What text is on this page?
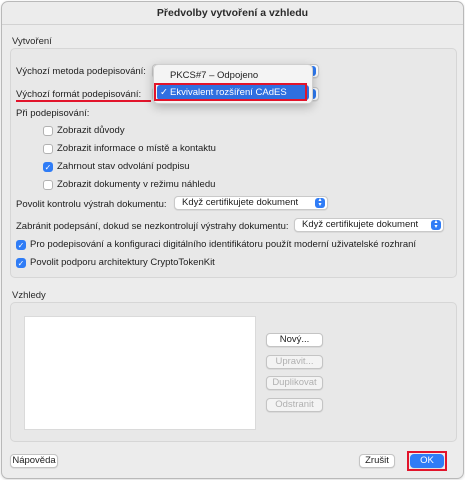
Předvolby vytvoření a vzhledu
Vytvoření
Výchozí metoda podepisování:

Výchozí formát podepisování:

Při podepisování:
Zobrazit důvody
Zobrazit informace o místě a kontaktu
✓ Zahrnout stav odvolání podpisu
Zobrazit dokumenty v režimu náhledu
Povolit kontrolu výstrah dokumentu:	Když certifikujete dokument	▴
▾
Zabránit podepsání, dokud se nezkontrolují výstrahy dokumentu:	Když certifikujete dokument	▴
▾
✓ Pro podepisování a konfiguraci digitálního identifikátoru použít moderní uživatelské rozhraní
✓ Povolit podporu architektury CryptoTokenKit
Vzhledy
Nový...
Upravit...
Duplikovat
Odstranit
Nápověda	Zrušit	OK
PKCS#7 – Odpojeno
✓ Ekvivalent rozšíření CAdES
